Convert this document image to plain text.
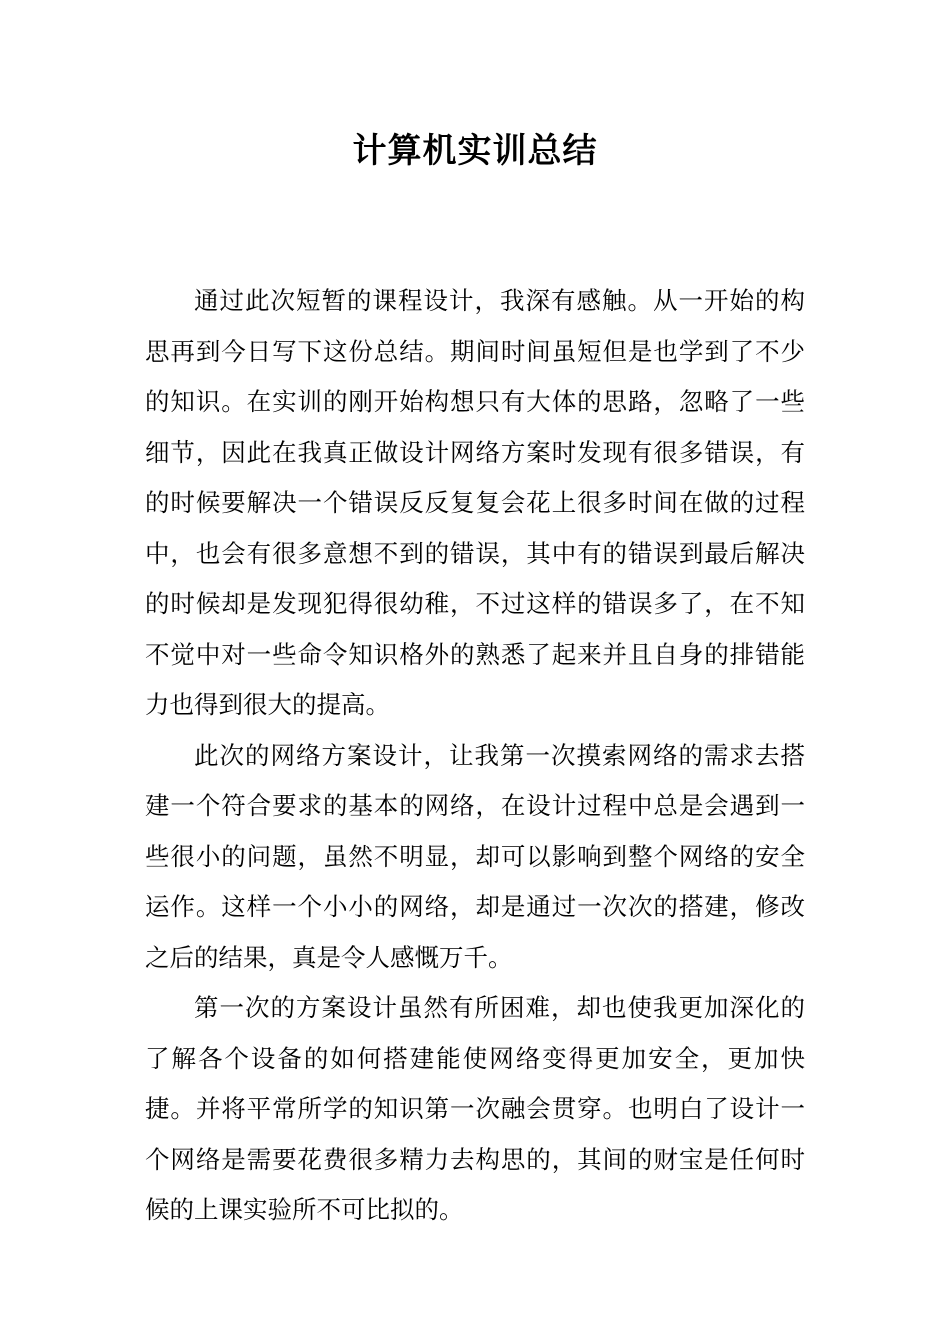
计算机实训总结

通过此次短暂的课程设计，我深有感触。从一开始的构思再到今日写下这份总结。期间时间虽短但是也学到了不少的知识。在实训的刚开始构想只有大体的思路，忽略了一些细节，因此在我真正做设计网络方案时发现有很多错误，有的时候要解决一个错误反反复复会花上很多时间在做的过程中，也会有很多意想不到的错误，其中有的错误到最后解决的时候却是发现犯得很幼稚，不过这样的错误多了，在不知不觉中对一些命令知识格外的熟悉了起来并且自身的排错能力也得到很大的提高。

此次的网络方案设计，让我第一次摸索网络的需求去搭建一个符合要求的基本的网络，在设计过程中总是会遇到一些很小的问题，虽然不明显，却可以影响到整个网络的安全运作。这样一个小小的网络，却是通过一次次的搭建，修改之后的结果，真是令人感慨万千。

第一次的方案设计虽然有所困难，却也使我更加深化的了解各个设备的如何搭建能使网络变得更加安全，更加快捷。并将平常所学的知识第一次融会贯穿。也明白了设计一个网络是需要花费很多精力去构思的，其间的财宝是任何时候的上课实验所不可比拟的。
